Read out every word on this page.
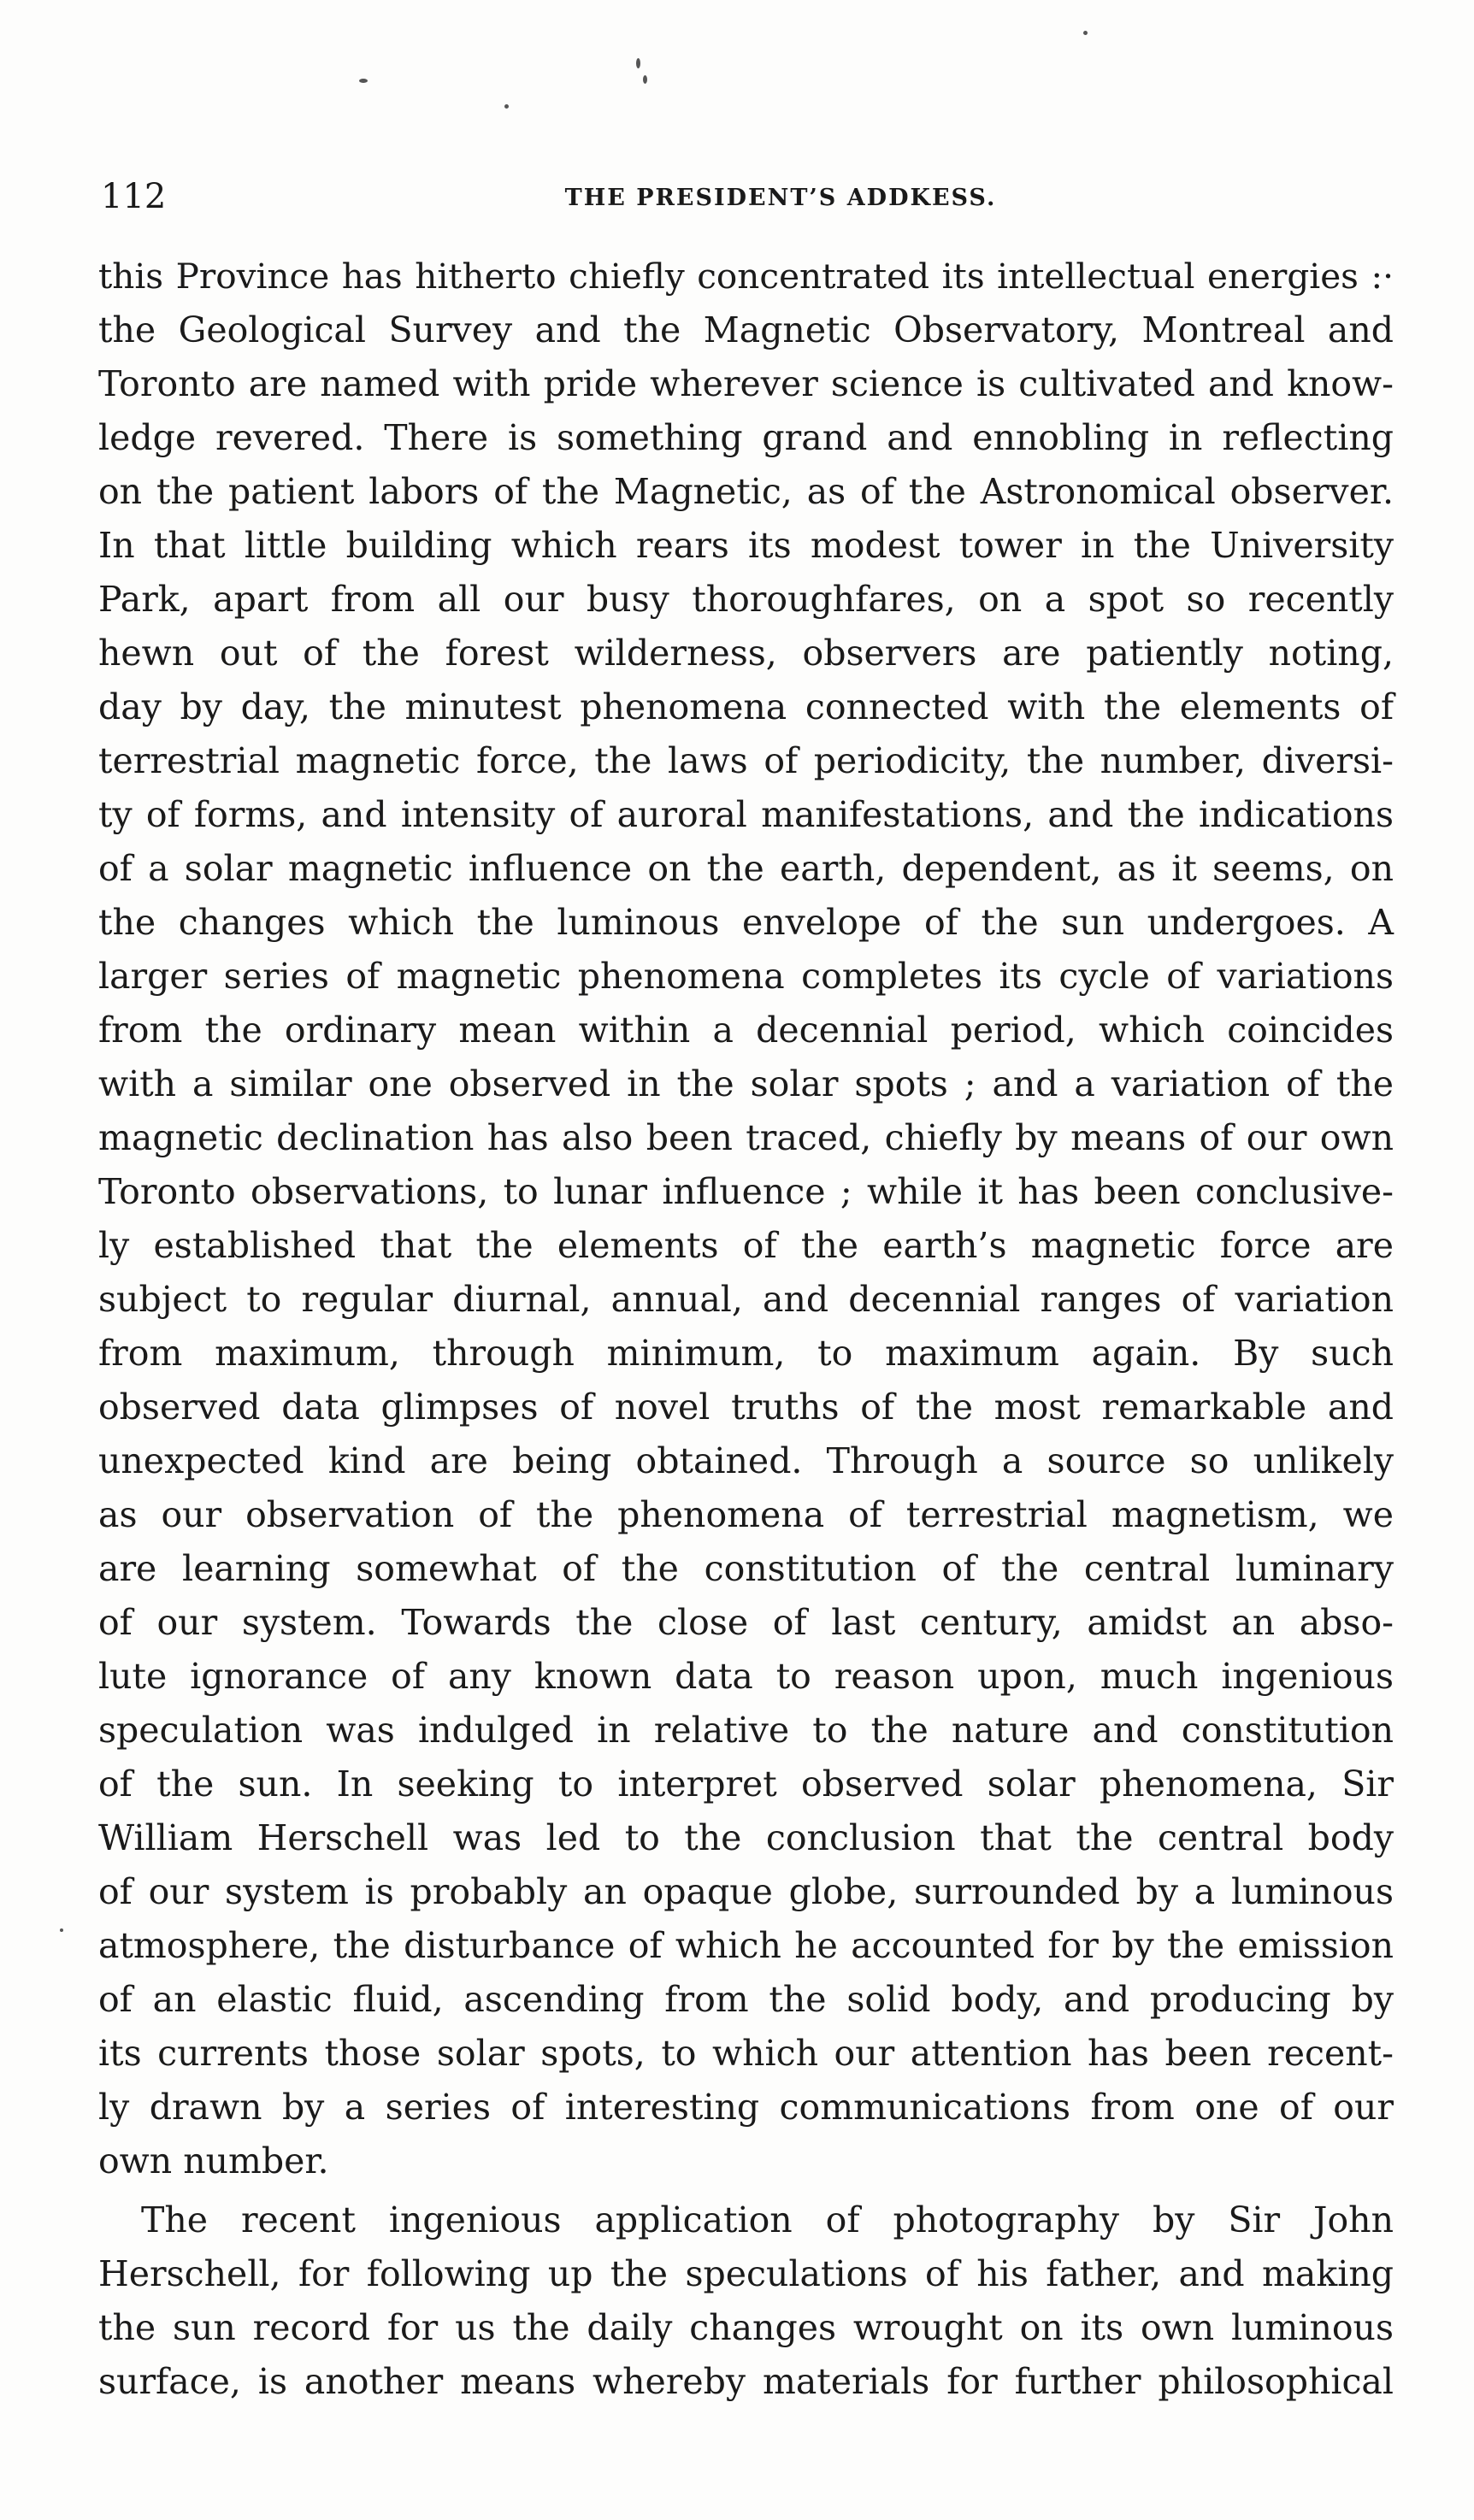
112	THE PRESIDENT’S ADDKESS.
this Province has hitherto chiefly concentrated its intellectual energies :·
the Geological Survey and the Magnetic Observatory, Montreal and
Toronto are named with pride wherever science is cultivated and know-
ledge revered. There is something grand and ennobling in reflecting
on the patient labors of the Magnetic, as of the Astronomical observer.
In that little building which rears its modest tower in the University
Park, apart from all our busy thoroughfares, on a spot so recently
hewn out of the forest wilderness, observers are patiently noting,
day by day, the minutest phenomena connected with the elements of
terrestrial magnetic force, the laws of periodicity, the number, diversi-
ty of forms, and intensity of auroral manifestations, and the indications
of a solar magnetic influence on the earth, dependent, as it seems, on
the changes which the luminous envelope of the sun undergoes. A
larger series of magnetic phenomena completes its cycle of variations
from the ordinary mean within a decennial period, which coincides
with a similar one observed in the solar spots ; and a variation of the
magnetic declination has also been traced, chiefly by means of our own
Toronto observations, to lunar influence ; while it has been conclusive-
ly established that the elements of the earth’s magnetic force are
subject to regular diurnal, annual, and decennial ranges of variation
from maximum, through minimum, to maximum again. By such
observed data glimpses of novel truths of the most remarkable and
unexpected kind are being obtained. Through a source so unlikely
as our observation of the phenomena of terrestrial magnetism, we
are learning somewhat of the constitution of the central luminary
of our system. Towards the close of last century, amidst an abso-
lute ignorance of any known data to reason upon, much ingenious
speculation was indulged in relative to the nature and constitution
of the sun. In seeking to interpret observed solar phenomena, Sir
William Herschell was led to the conclusion that the central body
of our system is probably an opaque globe, surrounded by a luminous
atmosphere, the disturbance of which he accounted for by the emission
of an elastic fluid, ascending from the solid body, and producing by
its currents those solar spots, to which our attention has been recent-
ly drawn by a series of interesting communications from one of our
own number.
The recent ingenious application of photography by Sir John
Herschell, for following up the speculations of his father, and making
the sun record for us the daily changes wrought on its own luminous
surface, is another means whereby materials for further philosophical
